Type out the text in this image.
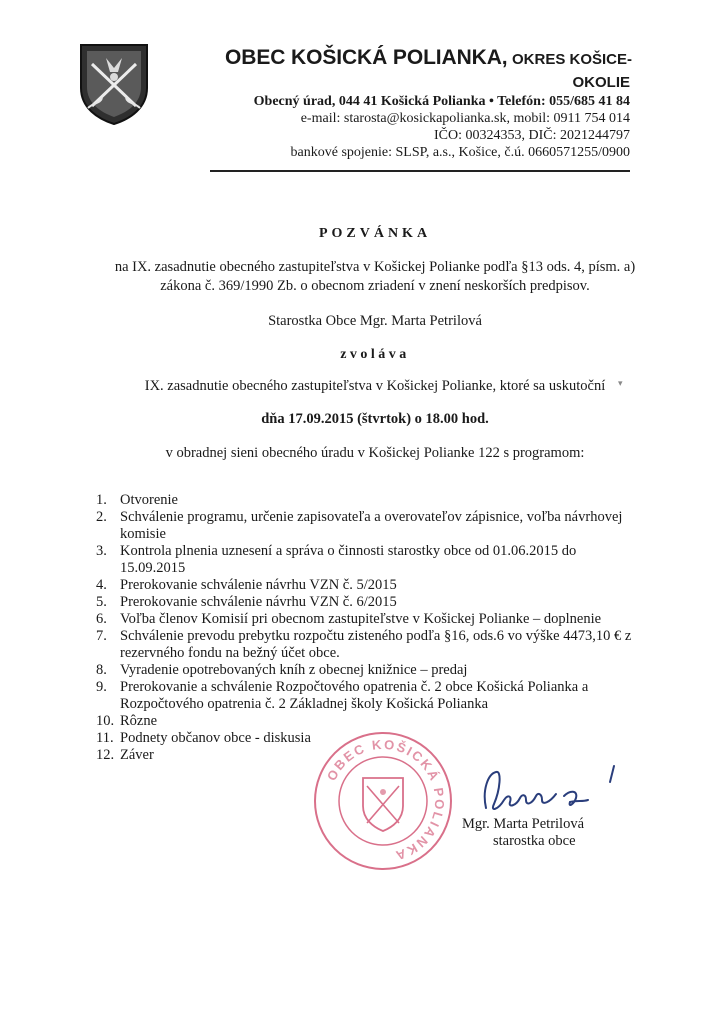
OBEC KOŠICKÁ POLIANKA, OKRES KOŠICE-
OKOLIE
Obecný úrad, 044 41 Košická Polianka • Telefón: 055/685 41 84
e-mail: starosta@kosickapolianka.sk, mobil: 0911 754 014
IČO: 00324353, DIČ: 2021244797
bankové spojenie: SLSP, a.s., Košice, č.ú. 0660571255/0900
POZVÁNKA
na IX. zasadnutie obecného zastupiteľstva v Košickej Polianke podľa §13 ods. 4, písm. a)
zákona č. 369/1990 Zb. o obecnom zriadení v znení neskorších predpisov.
Starostka Obce Mgr. Marta Petrilová
zvoláva
IX. zasadnutie obecného zastupiteľstva v Košickej Polianke, ktoré sa uskutoční
dňa 17.09.2015 (štvrtok) o 18.00 hod.
v obradnej sieni obecného úradu v Košickej Polianke 122 s programom:
▾
1. Otvorenie
2. Schválenie programu, určenie zapisovateľa a overovateľov zápisnice, voľba návrhovej komisie
3. Kontrola plnenia uznesení a správa o činnosti starostky obce od 01.06.2015 do 15.09.2015
4. Prerokovanie schválenie návrhu VZN č. 5/2015
5. Prerokovanie schválenie návrhu VZN č. 6/2015
6. Voľba členov Komisií pri obecnom zastupiteľstve v Košickej Polianke – doplnenie
7. Schválenie prevodu prebytku rozpočtu zisteného podľa §16, ods.6 vo výške 4473,10 € z rezervného fondu na bežný účet obce.
8. Vyradenie opotrebovaných kníh z obecnej knižnice – predaj
9. Prerokovanie a schválenie Rozpočtového opatrenia č. 2 obce Košická Polianka a Rozpočtového opatrenia č. 2 Základnej školy Košická Polianka
10. Rôzne
11. Podnety občanov obce - diskusia
12. Záver
OBEC KOŠICKÁ POLIANKA
Mgr. Marta Petrilová
starostka obce
